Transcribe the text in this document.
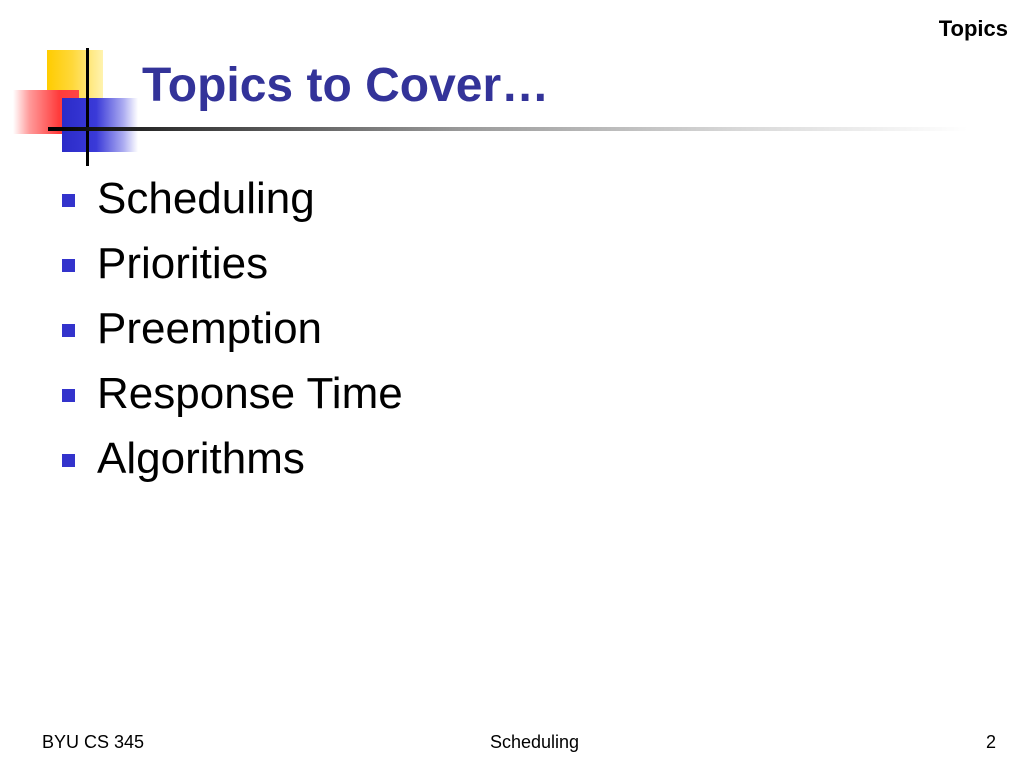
Topics
Topics to Cover…
Scheduling
Priorities
Preemption
Response Time
Algorithms
BYU CS 345	Scheduling	2
